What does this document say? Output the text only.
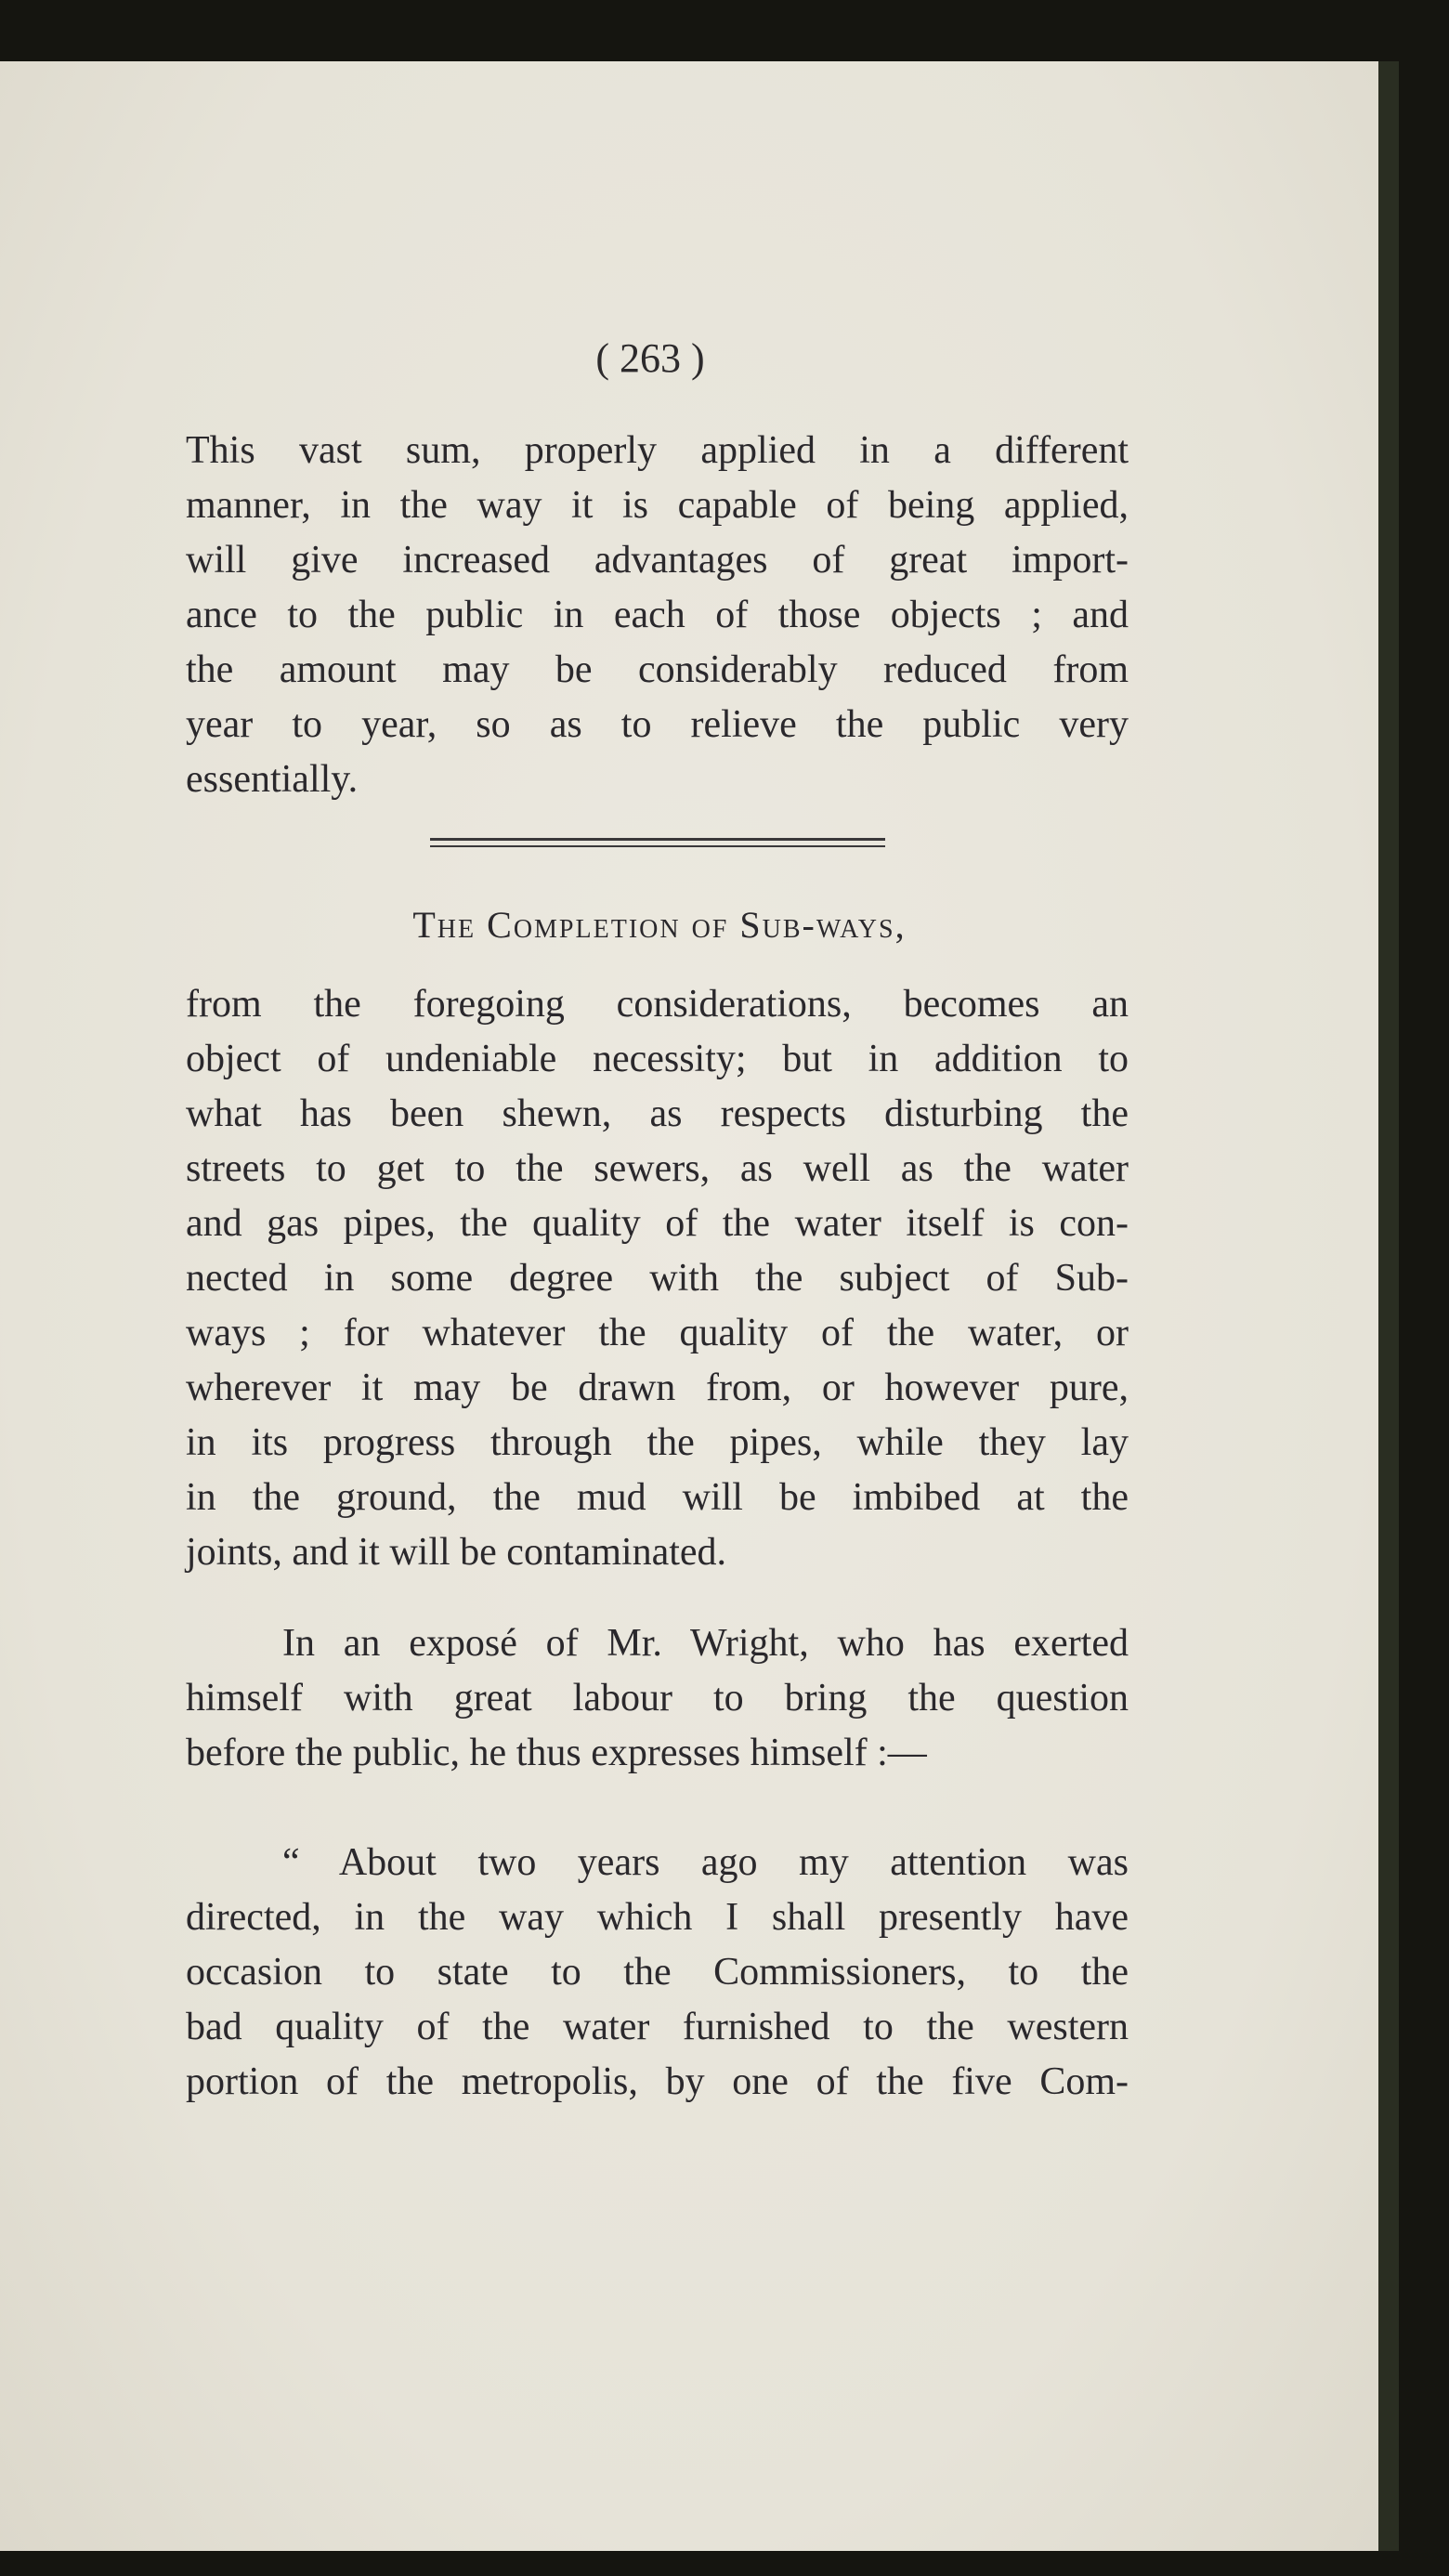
( 263 )
This vast sum, properly applied in a different
manner, in the way it is capable of being applied,
will give increased advantages of great import-
ance to the public in each of those objects ; and
the amount may be considerably reduced from
year to year, so as to relieve the public very
essentially.
The Completion of Sub-ways,
from the foregoing considerations, becomes an
object of undeniable necessity; but in addition to
what has been shewn, as respects disturbing the
streets to get to the sewers, as well as the water
and gas pipes, the quality of the water itself is con-
nected in some degree with the subject of Sub-
ways ; for whatever the quality of the water, or
wherever it may be drawn from, or however pure,
in its progress through the pipes, while they lay
in the ground, the mud will be imbibed at the
joints, and it will be contaminated.
In an exposé of Mr. Wright, who has exerted
himself with great labour to bring the question
before the public, he thus expresses himself :—
“ About two years ago my attention was
directed, in the way which I shall presently have
occasion to state to the Commissioners, to the
bad quality of the water furnished to the western
portion of the metropolis, by one of the five Com-
